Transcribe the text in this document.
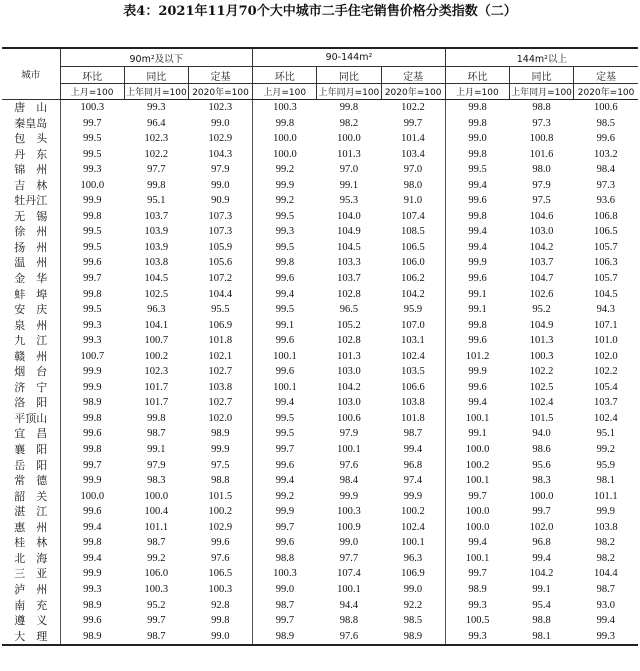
表4：2021年11月70个大中城市二手住宅销售价格分类指数（二）
城市	90m²及以下			90-144m²			144m²以上		
	环比	同比	定基	环比	同比	定基	环比	同比	定基
	上月=100	上年同月=100	2020年=100	上月=100	上年同月=100	2020年=100	上月=100	上年同月=100	2020年=100
唐　山	100.3	99.3	102.3	100.3	99.8	102.2	99.8	98.8	100.6
秦皇岛	99.7	96.4	99.0	99.8	98.2	99.7	99.8	97.3	98.5
包　头	99.5	102.3	102.9	100.0	100.0	101.4	99.0	100.8	99.6
丹　东	99.5	102.2	104.3	100.0	101.3	103.4	99.8	101.6	103.2
锦　州	99.3	97.7	97.9	99.2	97.0	97.0	99.5	98.0	98.4
吉　林	100.0	99.8	99.0	99.9	99.1	98.0	99.4	97.9	97.3
牡丹江	99.9	95.1	90.9	99.2	95.3	91.0	99.6	97.5	93.6
无　锡	99.8	103.7	107.3	99.5	104.0	107.4	99.8	104.6	106.8
徐　州	99.5	103.9	107.3	99.3	104.9	108.5	99.4	103.0	106.5
扬　州	99.5	103.9	105.9	99.5	104.5	106.5	99.4	104.2	105.7
温　州	99.6	103.8	105.6	99.8	103.3	106.0	99.9	103.7	106.3
金　华	99.7	104.5	107.2	99.6	103.7	106.2	99.6	104.7	105.7
蚌　埠	99.8	102.5	104.4	99.4	102.8	104.2	99.1	102.6	104.5
安　庆	99.5	96.3	95.5	99.5	96.5	95.9	99.1	95.2	94.3
泉　州	99.3	104.1	106.9	99.1	105.2	107.0	99.8	104.9	107.1
九　江	99.3	100.7	101.8	99.6	102.8	103.1	99.6	101.3	101.0
赣　州	100.7	100.2	102.1	100.1	101.3	102.4	101.2	100.3	102.0
烟　台	99.9	102.3	102.7	99.6	103.0	103.5	99.9	102.2	102.2
济　宁	99.9	101.7	103.8	100.1	104.2	106.6	99.6	102.5	105.4
洛　阳	98.9	101.7	102.7	99.4	103.0	103.8	99.4	102.4	103.7
平顶山	99.8	99.8	102.0	99.5	100.6	101.8	100.1	101.5	102.4
宜　昌	99.6	98.7	98.9	99.5	97.9	98.7	99.1	94.0	95.1
襄　阳	99.8	99.1	99.9	99.7	100.1	99.4	100.0	98.6	99.2
岳　阳	99.7	97.9	97.5	99.6	97.6	96.8	100.2	95.6	95.9
常　德	99.9	98.3	98.8	99.4	98.4	97.4	100.1	98.3	98.1
韶　关	100.0	100.0	101.5	99.2	99.9	99.9	99.7	100.0	101.1
湛　江	99.6	100.4	100.2	99.9	100.3	100.2	100.0	99.7	99.9
惠　州	99.4	101.1	102.9	99.7	100.9	102.4	100.0	102.0	103.8
桂　林	99.8	98.7	99.6	99.6	99.0	100.1	99.4	96.8	98.2
北　海	99.4	99.2	97.6	98.8	97.7	96.3	100.1	99.4	98.2
三　亚	99.9	106.0	106.5	100.3	107.4	106.9	99.7	104.2	104.4
泸　州	99.3	100.3	100.3	99.0	100.1	99.0	98.9	99.1	98.7
南　充	98.9	95.2	92.8	98.7	94.4	92.2	99.3	95.4	93.0
遵　义	99.6	99.7	99.8	99.7	98.8	98.5	100.5	98.8	99.4
大　理	98.9	98.7	99.0	98.9	97.6	98.9	99.3	98.1	99.3
